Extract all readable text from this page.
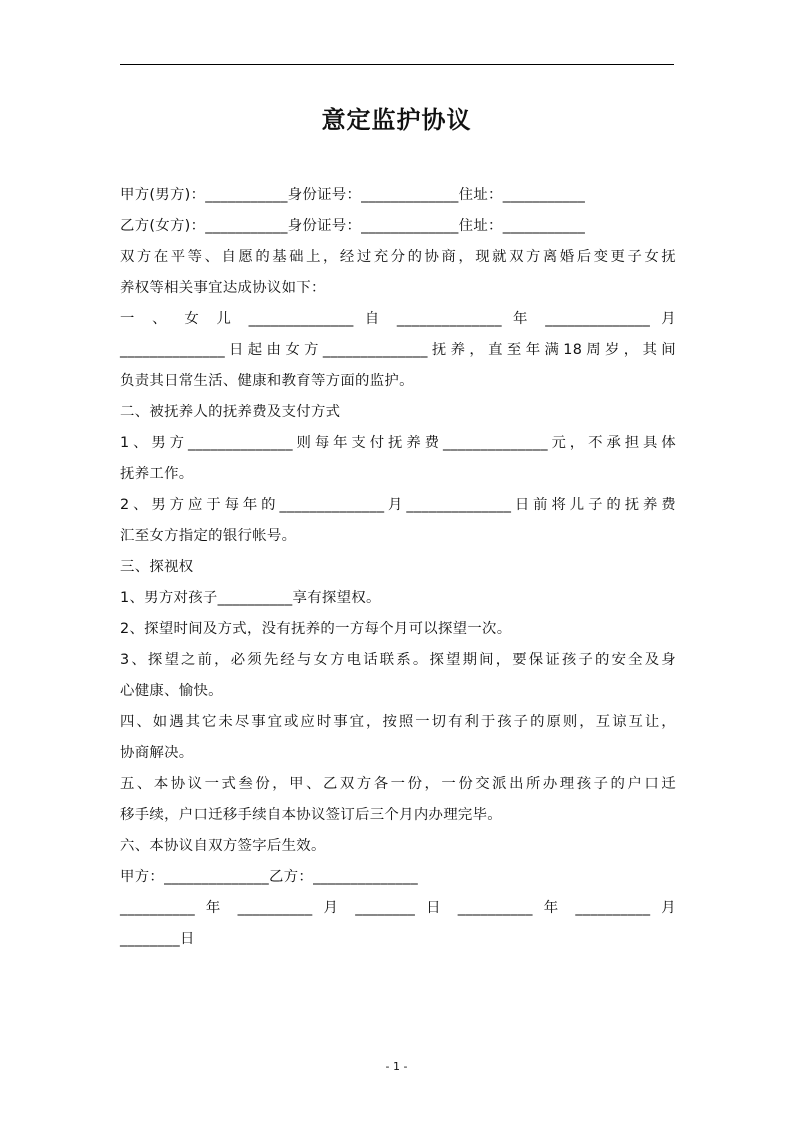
意定监护协议
甲方(男方)：___________身份证号：_____________住址：___________
乙方(女方)：___________身份证号：_____________住址：___________
双方在平等、自愿的基础上，经过充分的协商，现就双方离婚后变更子女抚
养权等相关事宜达成协议如下：
一 、 女 儿 ______________ 自 ______________ 年 ______________ 月
______________日起由女方______________抚养，直至年满18周岁，其间
负责其日常生活、健康和教育等方面的监护。
二、被抚养人的抚养费及支付方式
1、男方______________则每年支付抚养费______________元，不承担具体
抚养工作。
2、男方应于每年的______________月______________日前将儿子的抚养费
汇至女方指定的银行帐号。
三、探视权
1、男方对孩子__________享有探望权。
2、探望时间及方式，没有抚养的一方每个月可以探望一次。
3、探望之前，必须先经与女方电话联系。探望期间，要保证孩子的安全及身
心健康、愉快。
四、如遇其它未尽事宜或应时事宜，按照一切有利于孩子的原则，互谅互让，
协商解决。
五、本协议一式叁份，甲、乙双方各一份，一份交派出所办理孩子的户口迁
移手续，户口迁移手续自本协议签订后三个月内办理完毕。
六、本协议自双方签字后生效。
甲方：______________乙方：______________
__________ 年 __________ 月 ________ 日 __________ 年 __________ 月
________日
- 1 -
